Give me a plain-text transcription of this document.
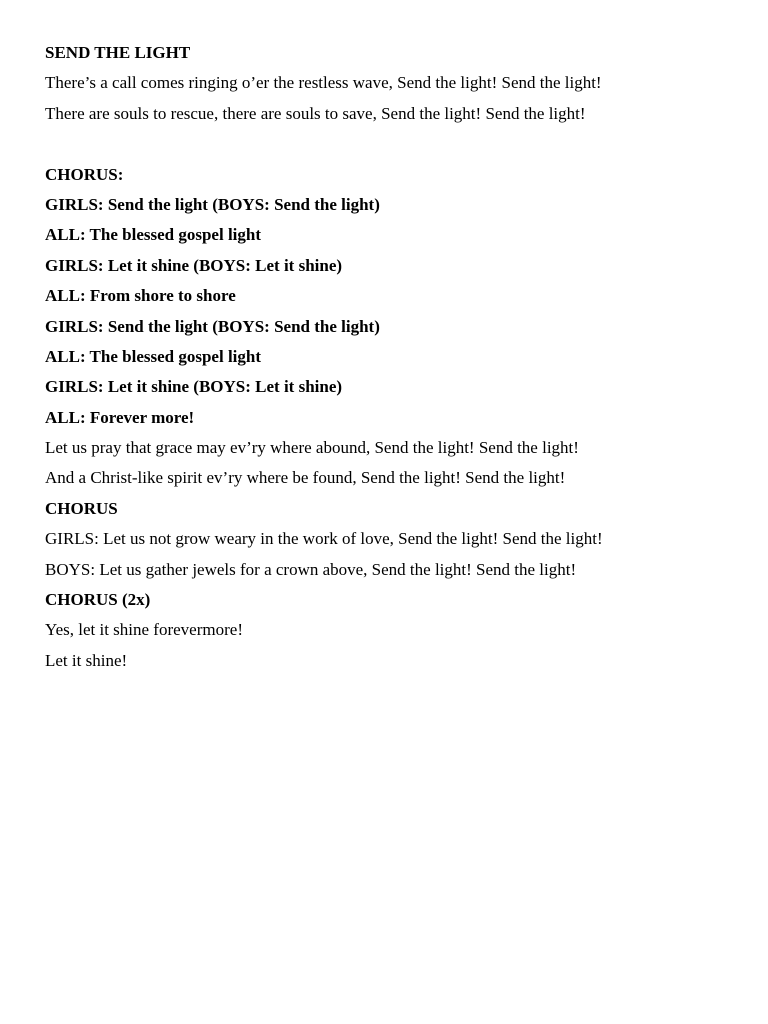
SEND THE LIGHT
There’s a call comes ringing o’er the restless wave, Send the light! Send the light!
There are souls to rescue, there are souls to save, Send the light! Send the light!
CHORUS:
GIRLS: Send the light (BOYS: Send the light)
ALL: The blessed gospel light
GIRLS: Let it shine (BOYS: Let it shine)
ALL: From shore to shore
GIRLS: Send the light (BOYS: Send the light)
ALL: The blessed gospel light
GIRLS: Let it shine (BOYS: Let it shine)
ALL: Forever more!
Let us pray that grace may ev’ry where abound, Send the light! Send the light!
And a Christ-like spirit ev’ry where be found, Send the light! Send the light!
CHORUS
GIRLS: Let us not grow weary in the work of love, Send the light! Send the light!
BOYS: Let us gather jewels for a crown above, Send the light! Send the light!
CHORUS (2x)
Yes, let it shine forevermore!
Let it shine!
